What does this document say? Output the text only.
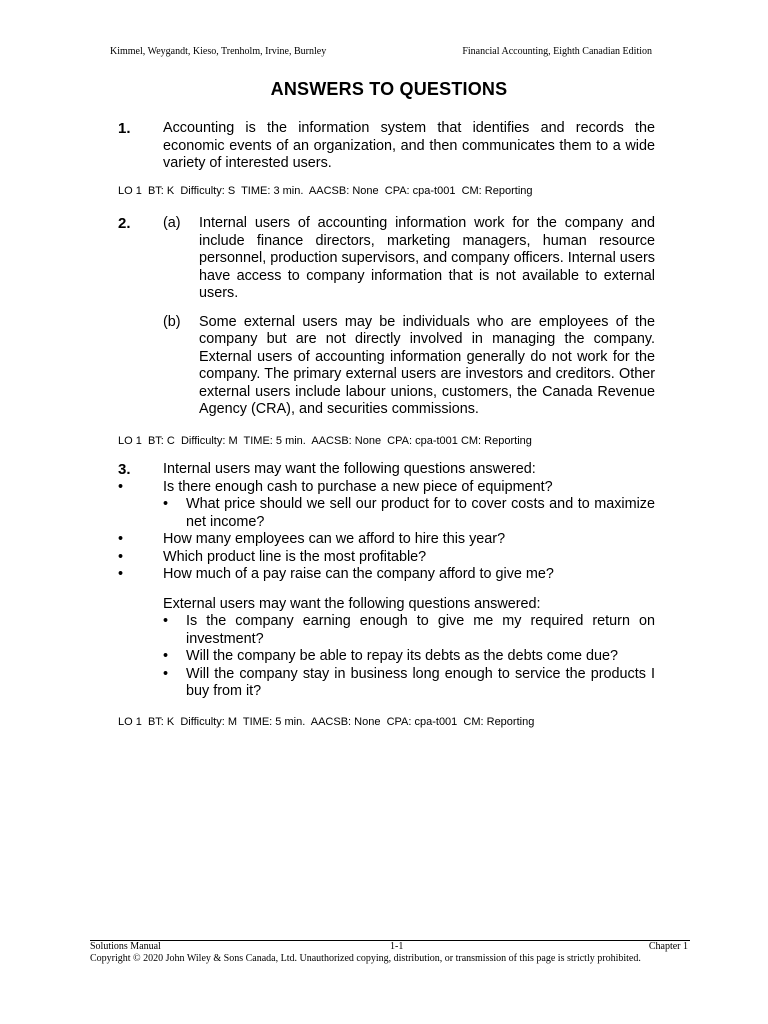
Kimmel, Weygandt, Kieso, Trenholm, Irvine, Burnley	Financial Accounting, Eighth Canadian Edition
ANSWERS TO QUESTIONS
1. Accounting is the information system that identifies and records the economic events of an organization, and then communicates them to a wide variety of interested users.
LO 1  BT: K  Difficulty: S  TIME: 3 min.  AACSB: None  CPA: cpa-t001  CM: Reporting
2. (a) Internal users of accounting information work for the company and include finance directors, marketing managers, human resource personnel, production supervisors, and company officers. Internal users have access to company information that is not available to external users.
(b) Some external users may be individuals who are employees of the company but are not directly involved in managing the company. External users of accounting information generally do not work for the company. The primary external users are investors and creditors. Other external users include labour unions, customers, the Canada Revenue Agency (CRA), and securities commissions.
LO 1  BT: C  Difficulty: M  TIME: 5 min.  AACSB: None  CPA: cpa-t001 CM: Reporting
3. Internal users may want the following questions answered:
•	Is there enough cash to purchase a new piece of equipment?
• What price should we sell our product for to cover costs and to maximize net income?
•	How many employees can we afford to hire this year?
•	Which product line is the most profitable?
•	How much of a pay raise can the company afford to give me?
External users may want the following questions answered:
• Is the company earning enough to give me my required return on investment?
• Will the company be able to repay its debts as the debts come due?
• Will the company stay in business long enough to service the products I buy from it?
LO 1  BT: K  Difficulty: M  TIME: 5 min.  AACSB: None  CPA: cpa-t001  CM: Reporting
Solutions Manual	1-1	Chapter 1
Copyright © 2020 John Wiley & Sons Canada, Ltd. Unauthorized copying, distribution, or transmission of this page is strictly prohibited.
